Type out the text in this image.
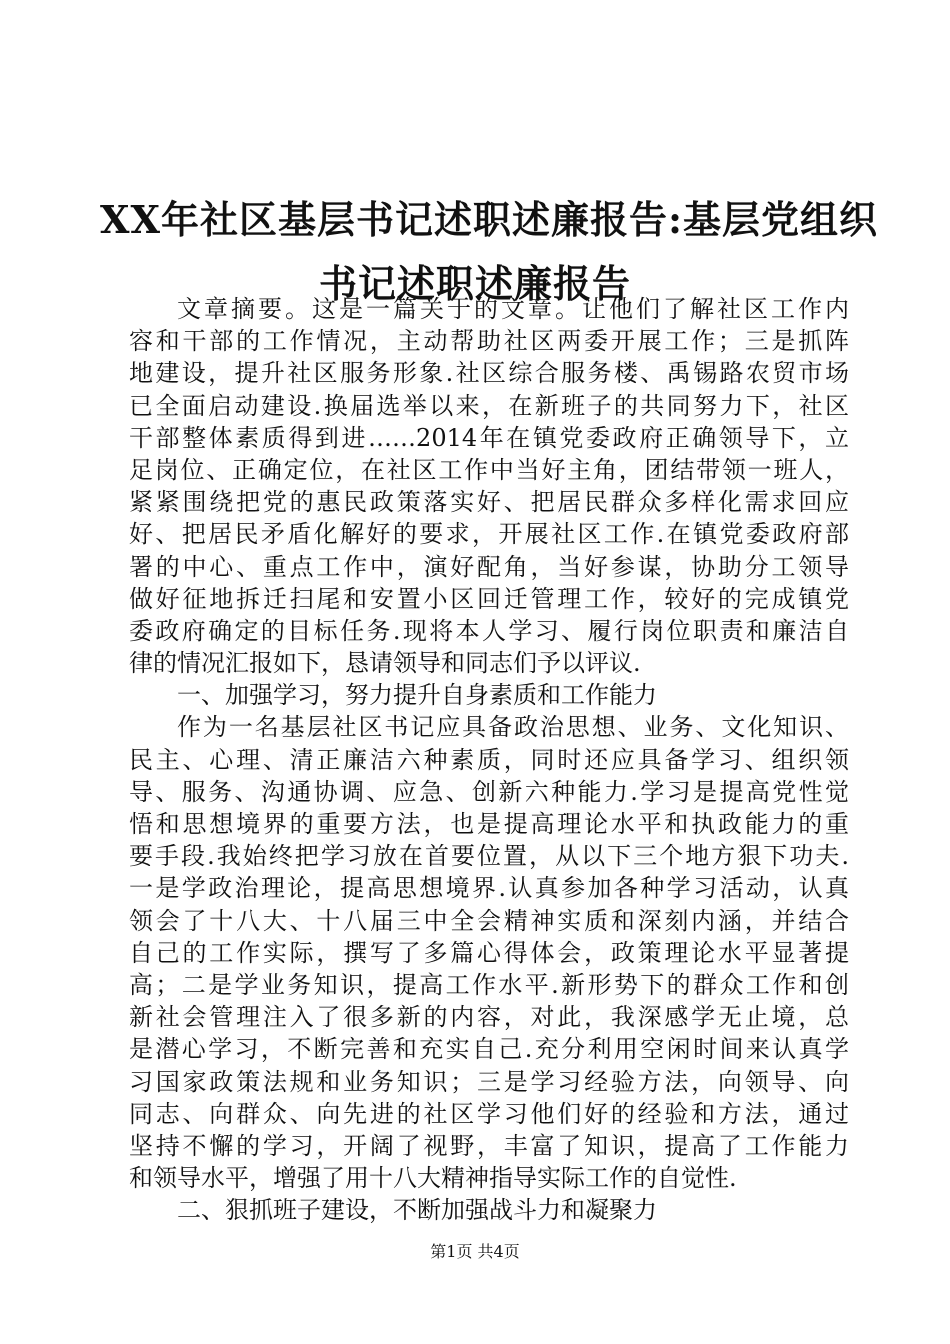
XX年社区基层书记述职述廉报告:基层党组织
书记述职述廉报告
文章摘要。这是一篇关于的文章。让他们了解社区工作内
容和干部的工作情况，主动帮助社区两委开展工作；三是抓阵
地建设，提升社区服务形象.社区综合服务楼、禹锡路农贸市场
已全面启动建设.换届选举以来，在新班子的共同努力下，社区
干部整体素质得到进……2014年在镇党委政府正确领导下，立
足岗位、正确定位，在社区工作中当好主角，团结带领一班人，
紧紧围绕把党的惠民政策落实好、把居民群众多样化需求回应
好、把居民矛盾化解好的要求，开展社区工作.在镇党委政府部
署的中心、重点工作中，演好配角，当好参谋，协助分工领导
做好征地拆迁扫尾和安置小区回迁管理工作，较好的完成镇党
委政府确定的目标任务.现将本人学习、履行岗位职责和廉洁自
律的情况汇报如下，恳请领导和同志们予以评议.
一、加强学习，努力提升自身素质和工作能力
作为一名基层社区书记应具备政治思想、业务、文化知识、
民主、心理、清正廉洁六种素质，同时还应具备学习、组织领
导、服务、沟通协调、应急、创新六种能力.学习是提高党性觉
悟和思想境界的重要方法，也是提高理论水平和执政能力的重
要手段.我始终把学习放在首要位置，从以下三个地方狠下功夫.
一是学政治理论，提高思想境界.认真参加各种学习活动，认真
领会了十八大、十八届三中全会精神实质和深刻内涵，并结合
自己的工作实际，撰写了多篇心得体会，政策理论水平显著提
高；二是学业务知识，提高工作水平.新形势下的群众工作和创
新社会管理注入了很多新的内容，对此，我深感学无止境，总
是潜心学习，不断完善和充实自己.充分利用空闲时间来认真学
习国家政策法规和业务知识；三是学习经验方法，向领导、向
同志、向群众、向先进的社区学习他们好的经验和方法，通过
坚持不懈的学习，开阔了视野，丰富了知识，提高了工作能力
和领导水平，增强了用十八大精神指导实际工作的自觉性.
二、狠抓班子建设，不断加强战斗力和凝聚力
第1页 共4页
